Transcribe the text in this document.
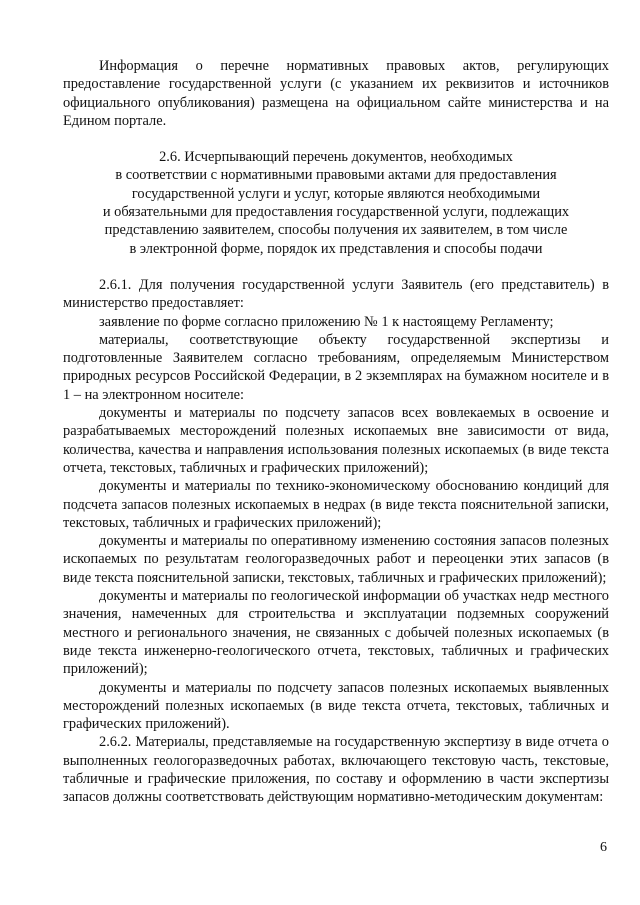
Информация о перечне нормативных правовых актов, регулирующих предоставление государственной услуги (с указанием их реквизитов и источников официального опубликования) размещена на официальном сайте министерства и на Едином портале.

2.6. Исчерпывающий перечень документов, необходимых
в соответствии с нормативными правовыми актами для предоставления
государственной услуги и услуг, которые являются необходимыми
и обязательными для предоставления государственной услуги, подлежащих
представлению заявителем, способы получения их заявителем, в том числе
в электронной форме, порядок их представления и способы подачи

2.6.1. Для получения государственной услуги Заявитель (его представитель) в министерство предоставляет:

заявление по форме согласно приложению № 1 к настоящему Регламенту;

материалы, соответствующие объекту государственной экспертизы и подготовленные Заявителем согласно требованиям, определяемым Министерством природных ресурсов Российской Федерации, в 2 экземплярах на бумажном носителе и в 1 – на электронном носителе:

документы и материалы по подсчету запасов всех вовлекаемых в освоение и разрабатываемых месторождений полезных ископаемых вне зависимости от вида, количества, качества и направления использования полезных ископаемых (в виде текста отчета, текстовых, табличных и графических приложений);

документы и материалы по технико-экономическому обоснованию кондиций для подсчета запасов полезных ископаемых в недрах (в виде текста пояснительной записки, текстовых, табличных и графических приложений);

документы и материалы по оперативному изменению состояния запасов полезных ископаемых по результатам геологоразведочных работ и переоценки этих запасов (в виде текста пояснительной записки, текстовых, табличных и графических приложений);

документы и материалы по геологической информации об участках недр местного значения, намеченных для строительства и эксплуатации подземных сооружений местного и регионального значения, не связанных с добычей полезных ископаемых (в виде текста инженерно-геологического отчета, текстовых, табличных и графических приложений);

документы и материалы по подсчету запасов полезных ископаемых выявленных месторождений полезных ископаемых (в виде текста отчета, текстовых, табличных и графических приложений).

2.6.2. Материалы, представляемые на государственную экспертизу в виде отчета о выполненных геологоразведочных работах, включающего текстовую часть, текстовые, табличные и графические приложения, по составу и оформлению в части экспертизы запасов должны соответствовать действующим нормативно-методическим документам:

6
